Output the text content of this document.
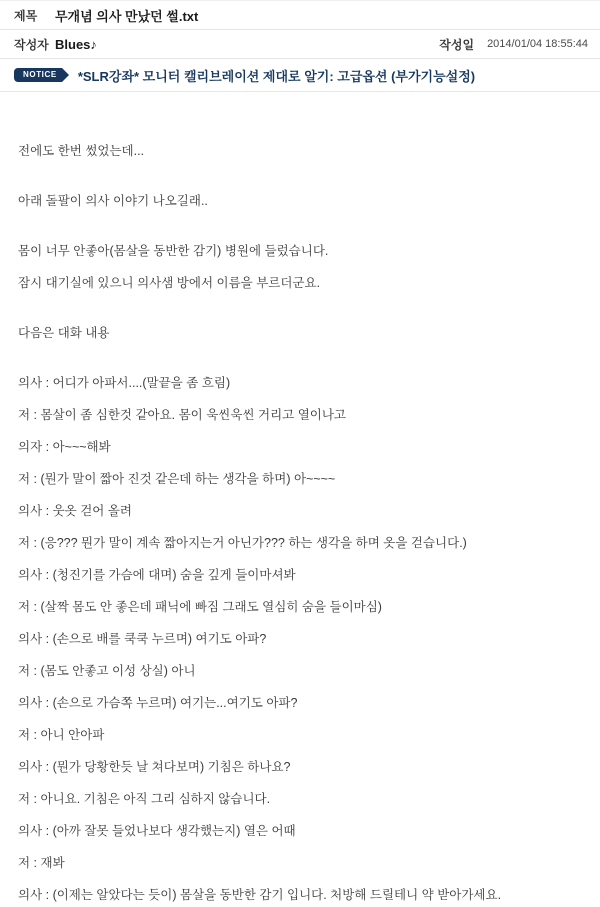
제목	무개념 의사 만났던 썰.txt
작성자 Blues♪	작성일 2014/01/04 18:55:44
NOTICE	*SLR강좌* 모니터 캘리브레이션 제대로 알기: 고급옵션 (부가기능설정)
전에도 한번 썼었는데...
아래 돌팔이 의사 이야기 나오길래..
몸이 너무 안좋아(몸살을 동반한 감기) 병원에 들렀습니다.
잠시 대기실에 있으니 의사샘 방에서 이름을 부르더군요.
다음은 대화 내용
의사 : 어디가 아파서....(말끝을 좀 흐림)
저 : 몸살이 좀 심한것 같아요. 몸이 욱씬욱씬 거리고 열이나고
의자 : 아~~~해봐
저 : (뭔가 말이 짧아 진것 같은데 하는 생각을 하며) 아~~~~
의사 : 웃옷 걷어 올려
저 : (응??? 뭔가 말이 계속 짧아지는거 아닌가??? 하는 생각을 하며 옷을 걷습니다.)
의사 : (청진기를 가슴에 대며) 숨을 깊게 들이마셔봐
저 : (살짝 몸도 안 좋은데 패닉에 빠짐 그래도 열심히 숨을 들이마심)
의사 : (손으로 배를 쿡쿡 누르며) 여기도 아파?
저 : (몸도 안좋고 이성 상실) 아니
의사 : (손으로 가슴쪽 누르며) 여기는...여기도 아파?
저 : 아니 안아파
의사 : (뭔가 당황한듯 날 쳐다보며) 기침은 하나요?
저 : 아니요. 기침은 아직 그리 심하지 않습니다.
의사 : (아까 잘못 들었나보다 생각했는지) 열은 어때
저 : 재봐
의사 : (이제는 알았다는 듯이) 몸살을 동반한 감기 입니다. 처방해 드릴테니 약 받아가세요.
